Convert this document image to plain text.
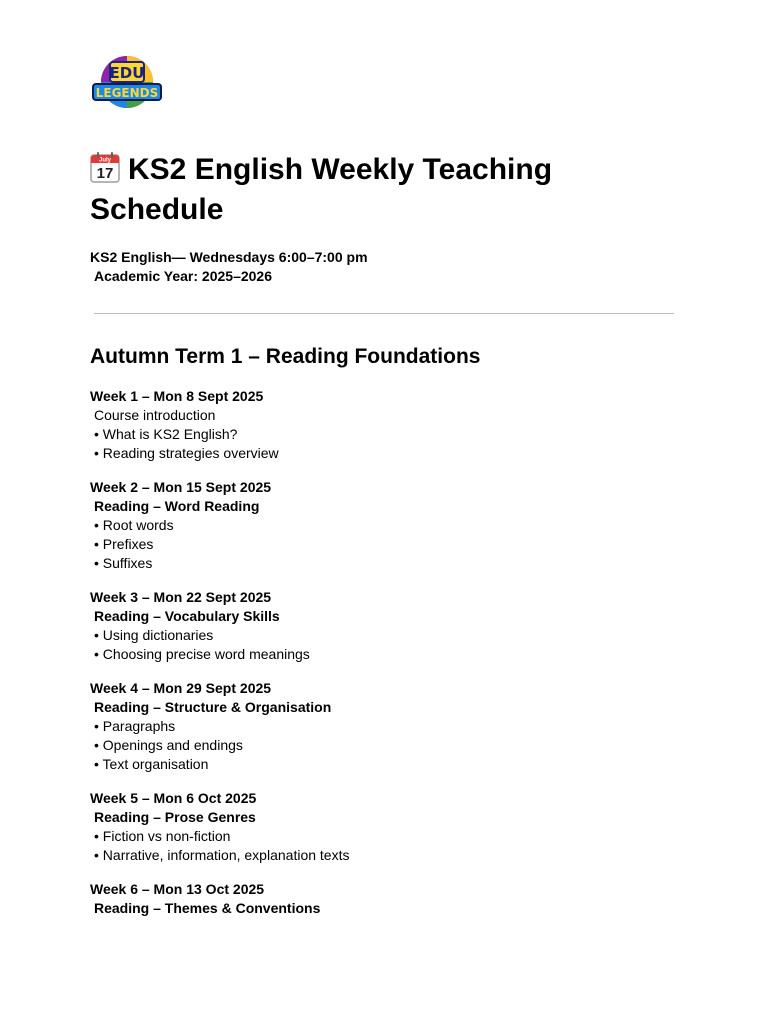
EDU
LEGENDS
July
17 KS2 English Weekly Teaching Schedule
KS2 English— Wednesdays 6:00–7:00 pm
Academic Year: 2025–2026
Autumn Term 1 – Reading Foundations
Week 1 – Mon 8 Sept 2025
Course introduction
• What is KS2 English?
• Reading strategies overview
Week 2 – Mon 15 Sept 2025
Reading – Word Reading
• Root words
• Prefixes
• Suffixes
Week 3 – Mon 22 Sept 2025
Reading – Vocabulary Skills
• Using dictionaries
• Choosing precise word meanings
Week 4 – Mon 29 Sept 2025
Reading – Structure & Organisation
• Paragraphs
• Openings and endings
• Text organisation
Week 5 – Mon 6 Oct 2025
Reading – Prose Genres
• Fiction vs non-fiction
• Narrative, information, explanation texts
Week 6 – Mon 13 Oct 2025
Reading – Themes & Conventions
